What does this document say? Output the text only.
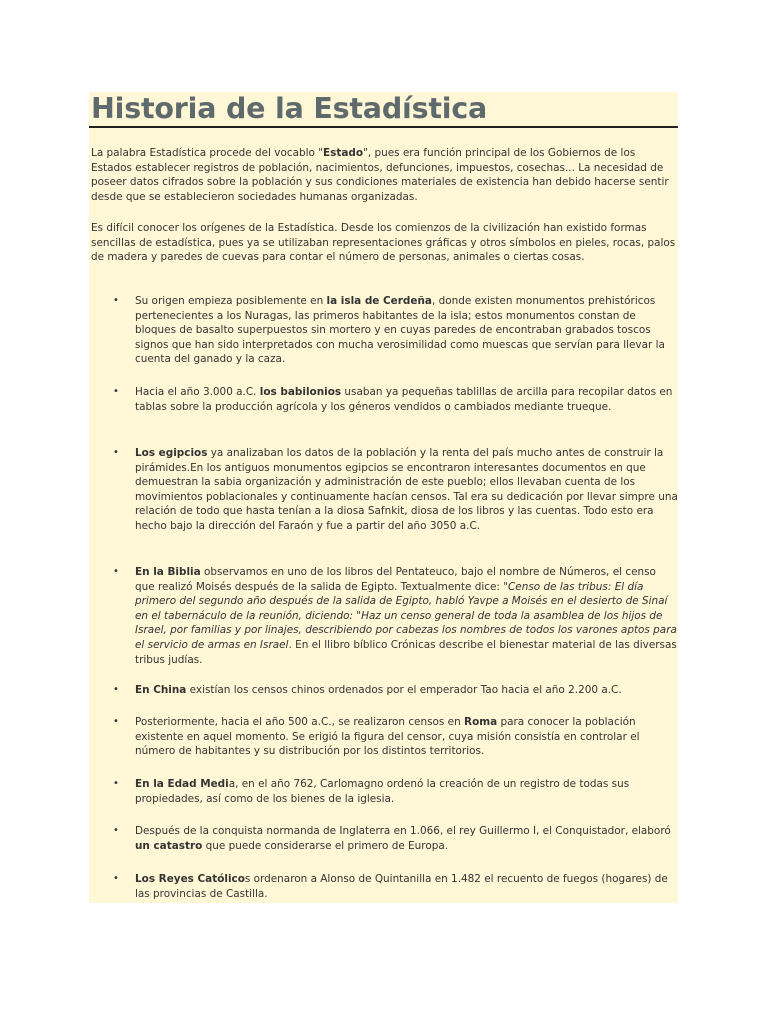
Historia de la Estadística

La palabra Estadística procede del vocablo "Estado", pues era función principal de los Gobiernos de los Estados establecer registros de población, nacimientos, defunciones, impuestos, cosechas... La necesidad de poseer datos cifrados sobre la población y sus condiciones materiales de existencia han debido hacerse sentir desde que se establecieron sociedades humanas organizadas.

Es difícil conocer los orígenes de la Estadística. Desde los comienzos de la civilización han existido formas sencillas de estadística, pues ya se utilizaban representaciones gráficas y otros símbolos en pieles, rocas, palos de madera y paredes de cuevas para contar el número de personas, animales o ciertas cosas.

• Su origen empieza posiblemente en la isla de Cerdeña, donde existen monumentos prehistóricos pertenecientes a los Nuragas, las primeros habitantes de la isla; estos monumentos constan de bloques de basalto superpuestos sin mortero y en cuyas paredes de encontraban grabados toscos signos que han sido interpretados con mucha verosimilidad como muescas que servían para llevar la cuenta del ganado y la caza.
• Hacia el año 3.000 a.C. los babilonios usaban ya pequeñas tablillas de arcilla para recopilar datos en tablas sobre la producción agrícola y los géneros vendidos o cambiados mediante trueque.
• Los egipcios ya analizaban los datos de la población y la renta del país mucho antes de construir la pirámides.En los antiguos monumentos egipcios se encontraron interesantes documentos en que demuestran la sabia organización y administración de este pueblo; ellos llevaban cuenta de los movimientos poblacionales y continuamente hacían censos. Tal era su dedicación por llevar simpre una relación de todo que hasta tenían a la diosa Safnkit, diosa de los libros y las cuentas. Todo esto era hecho bajo la dirección del Faraón y fue a partir del año 3050 a.C.
• En la Biblia observamos en uno de los libros del Pentateuco, bajo el nombre de Números, el censo que realizó Moisés después de la salida de Egipto. Textualmente dice: "Censo de las tribus: El día primero del segundo año después de la salida de Egipto, habló Yavpe a Moisés en el desierto de Sinaí en el tabernáculo de la reunión, diciendo: "Haz un censo general de toda la asamblea de los hijos de Israel, por familias y por linajes, describiendo por cabezas los nombres de todos los varones aptos para el servicio de armas en Israel. En el llibro bíblico Crónicas describe el bienestar material de las diversas tribus judías.
• En China existían los censos chinos ordenados por el emperador Tao hacia el año 2.200 a.C.
• Posteriormente, hacia el año 500 a.C., se realizaron censos en Roma para conocer la población existente en aquel momento. Se erigió la figura del censor, cuya misión consistía en controlar el número de habitantes y su distribución por los distintos territorios.
• En la Edad Media, en el año 762, Carlomagno ordenó la creación de un registro de todas sus propiedades, así como de los bienes de la iglesia.
• Después de la conquista normanda de Inglaterra en 1.066, el rey Guillermo I, el Conquistador, elaboró un catastro que puede considerarse el primero de Europa.
• Los Reyes Católicos ordenaron a Alonso de Quintanilla en 1.482 el recuento de fuegos (hogares) de las provincias de Castilla.
